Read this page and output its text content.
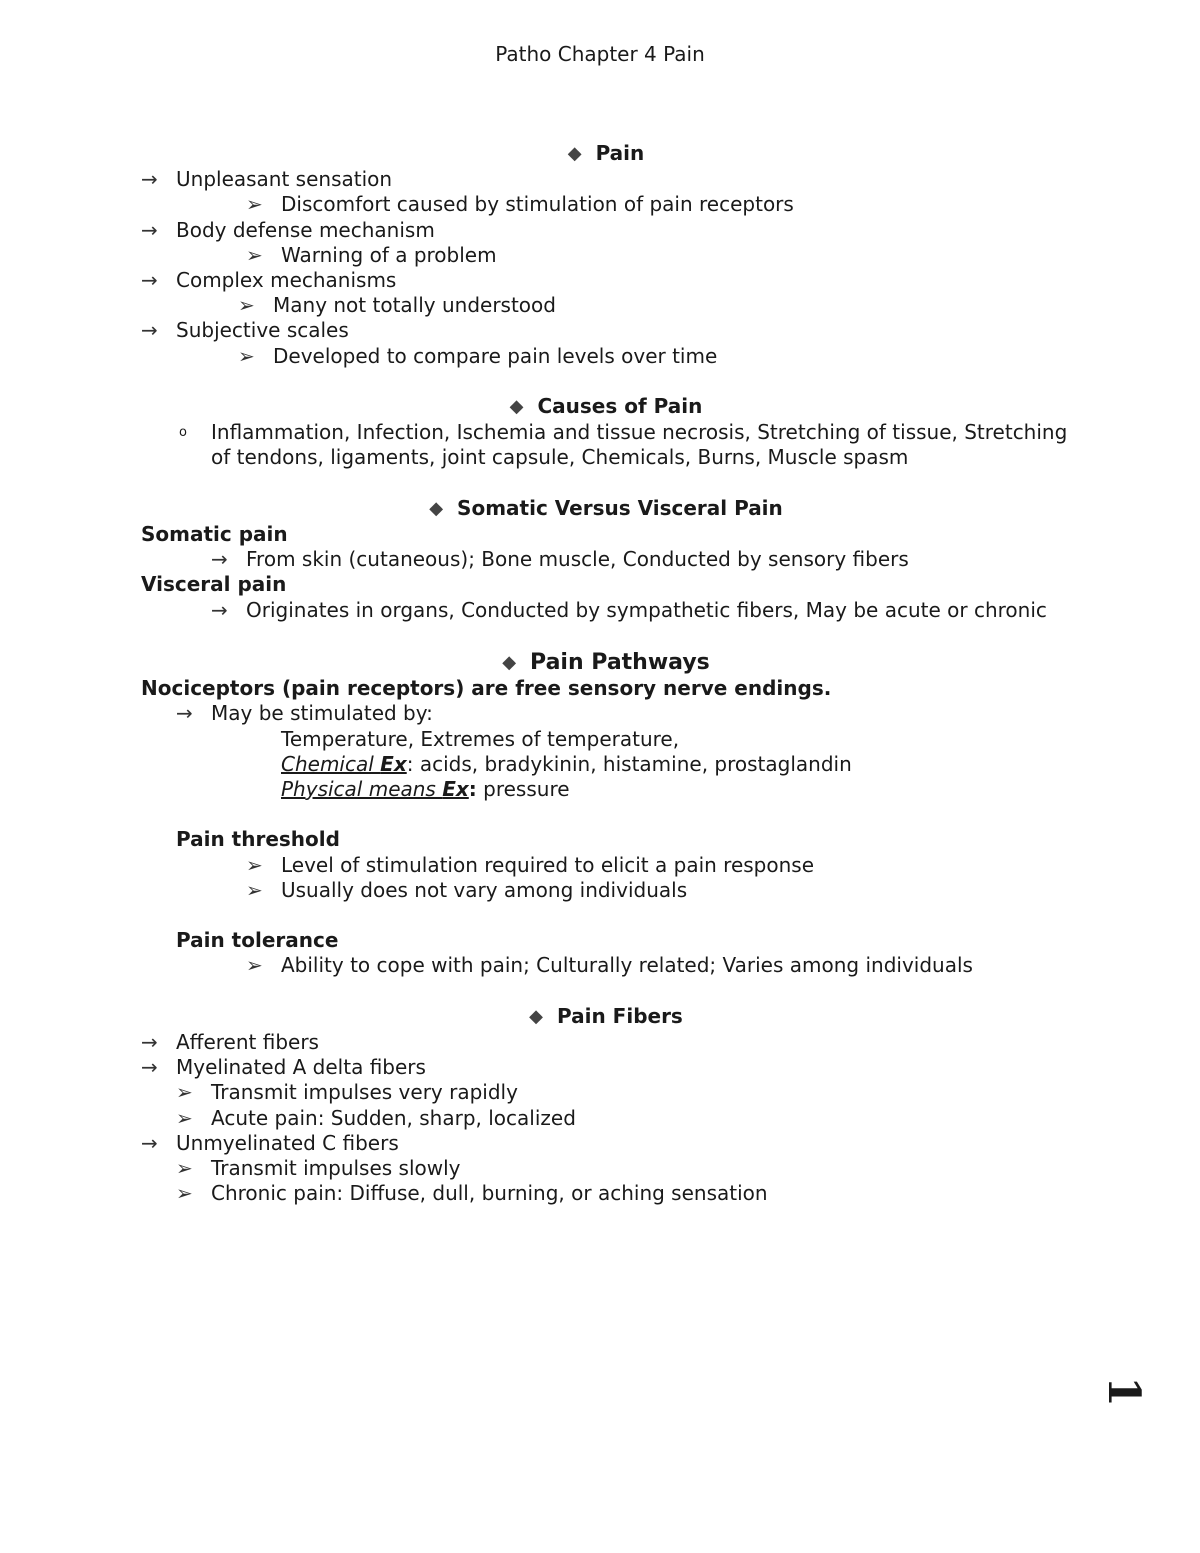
Patho Chapter 4 Pain
◆ Pain
→ Unpleasant sensation
➢ Discomfort caused by stimulation of pain receptors
→ Body defense mechanism
➢ Warning of a problem
→ Complex mechanisms
➢ Many not totally understood
→ Subjective scales
➢ Developed to compare pain levels over time
◆ Causes of Pain
o	Inflammation, Infection, Ischemia and tissue necrosis, Stretching of tissue, Stretching of tendons, ligaments, joint capsule, Chemicals, Burns, Muscle spasm
◆ Somatic Versus Visceral Pain
Somatic pain
→ From skin (cutaneous); Bone muscle, Conducted by sensory fibers
Visceral pain
→ Originates in organs, Conducted by sympathetic fibers, May be acute or chronic
◆ Pain Pathways
Nociceptors (pain receptors) are free sensory nerve endings.
→ May be stimulated by:
Temperature, Extremes of temperature,
Chemical Ex: acids, bradykinin, histamine, prostaglandin
Physical means Ex: pressure
Pain threshold
➢ Level of stimulation required to elicit a pain response
➢ Usually does not vary among individuals
Pain tolerance
➢ Ability to cope with pain; Culturally related; Varies among individuals
◆ Pain Fibers
→ Afferent fibers
→ Myelinated A delta fibers
➢ Transmit impulses very rapidly
➢ Acute pain: Sudden, sharp, localized
→ Unmyelinated C fibers
➢ Transmit impulses slowly
➢ Chronic pain: Diffuse, dull, burning, or aching sensation
1
